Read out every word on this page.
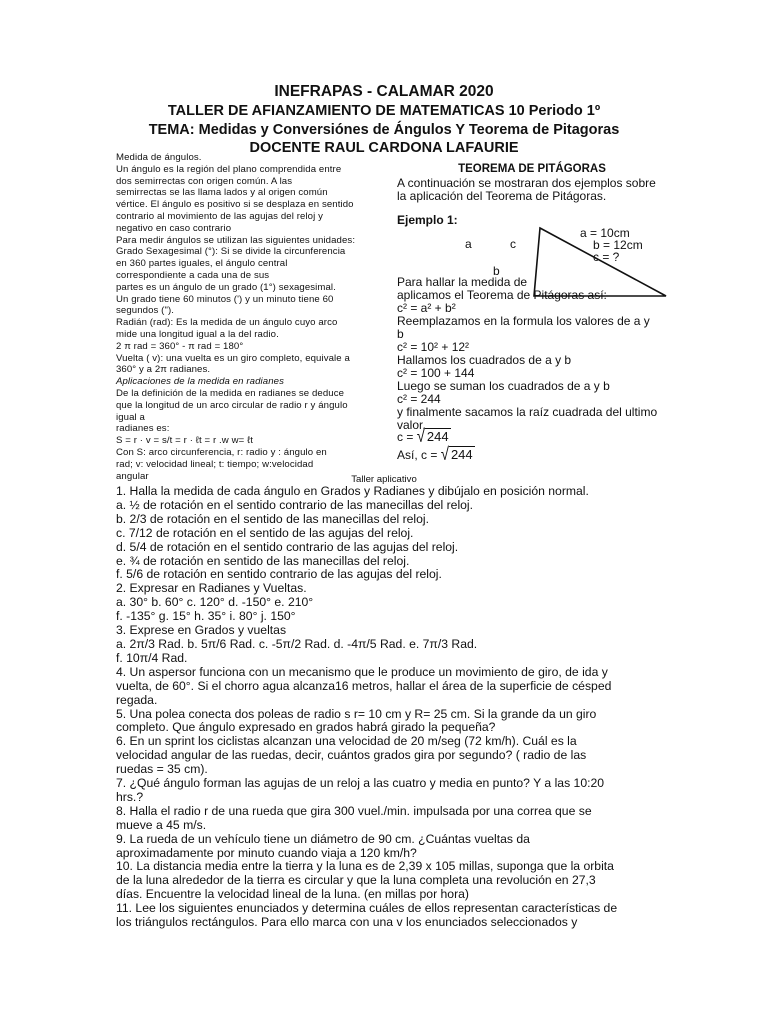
INEFRAPAS - CALAMAR 2020
TALLER DE AFIANZAMIENTO DE MATEMATICAS 10 Periodo 1º
TEMA: Medidas y Conversiónes de Ángulos Y Teorema de Pitagoras
DOCENTE RAUL CARDONA LAFAURIE
Medida de ángulos.
Un ángulo es la región del plano comprendida entre
dos semirrectas con origen común. A las
semirrectas se las llama lados y al origen común
vértice. El ángulo es positivo si se desplaza en sentido
contrario al movimiento de las agujas del reloj y
negativo en caso contrario
Para medir ángulos se utilizan las siguientes unidades:
Grado Sexagesimal (°): Si se divide la circunferencia
en 360 partes iguales, el ángulo central
correspondiente a cada una de sus
partes es un ángulo de un grado (1°) sexagesimal.
Un grado tiene 60 minutos (') y un minuto tiene 60
segundos (").
Radián (rad): Es la medida de un ángulo cuyo arco
mide una longitud igual a la del radio.
2 π rad = 360° - π rad = 180°
Vuelta ( v): una vuelta es un giro completo, equivale a
360° y a 2π radianes.
Aplicaciones de la medida en radianes
De la definición de la medida en radianes se deduce
que la longitud de un arco circular de radio r y ángulo
igual a
radianes es:
S = r · v = s/t = r · ℓt = r .w w= ℓt
Con S: arco circunferencia, r: radio y : ángulo en
rad; v: velocidad lineal; t: tiempo; w:velocidad
angular
TEOREMA DE PITÁGORAS
A continuación se mostraran dos ejemplos sobre
la aplicación del Teorema de Pitágoras.
Ejemplo 1:
a	c
b
a = 10cm
b = 12cm
c = ?
Para hallar la medida de
aplicamos el Teorema de Pitágoras así:
c² = a² + b²
Reemplazamos en la formula los valores de a y
b
c² = 10² + 12²
Hallamos los cuadrados de a y b
c² = 100 + 144
Luego se suman los cuadrados de a y b
c² = 244
y finalmente sacamos la raíz cuadrada del ultimo
valor.
c = √ 244
Así, c = √ 244
Taller aplicativo
1. Halla la medida de cada ángulo en Grados y Radianes y dibújalo en posición normal.
a. ½ de rotación en el sentido contrario de las manecillas del reloj.
b. 2/3 de rotación en el sentido de las manecillas del reloj.
c. 7/12 de rotación en el sentido de las agujas del reloj.
d. 5/4 de rotación en el sentido contrario de las agujas del reloj.
e. ¾ de rotación en sentido de las manecillas del reloj.
f. 5/6 de rotación en sentido contrario de las agujas del reloj.
2. Expresar en Radianes y Vueltas.
a. 30° b. 60° c. 120° d. -150° e. 210°
f. -135° g. 15° h. 35° i. 80° j. 150°
3. Exprese en Grados y vueltas
a. 2π/3 Rad. b. 5π/6 Rad. c. -5π/2 Rad. d. -4π/5 Rad. e. 7π/3 Rad.
f. 10π/4 Rad.
4. Un aspersor funciona con un mecanismo que le produce un movimiento de giro, de ida y
vuelta, de 60°. Si el chorro agua alcanza16 metros, hallar el área de la superficie de césped
regada.
5. Una polea conecta dos poleas de radio s r= 10 cm y R= 25 cm. Si la grande da un giro
completo. Que ángulo expresado en grados habrá girado la pequeña?
6. En un sprint los ciclistas alcanzan una velocidad de 20 m/seg (72 km/h). Cuál es la
velocidad angular de las ruedas, decir, cuántos grados gira por segundo? ( radio de las
ruedas = 35 cm).
7. ¿Qué ángulo forman las agujas de un reloj a las cuatro y media en punto? Y a las 10:20
hrs.?
8. Halla el radio r de una rueda que gira 300 vuel./min. impulsada por una correa que se
mueve a 45 m/s.
9. La rueda de un vehículo tiene un diámetro de 90 cm. ¿Cuántas vueltas da
aproximadamente por minuto cuando viaja a 120 km/h?
10. La distancia media entre la tierra y la luna es de 2,39 x 105 millas, suponga que la orbita
de la luna alrededor de la tierra es circular y que la luna completa una revolución en 27,3
días. Encuentre la velocidad lineal de la luna. (en millas por hora)
11. Lee los siguientes enunciados y determina cuáles de ellos representan características de
los triángulos rectángulos. Para ello marca con una v los enunciados seleccionados y
